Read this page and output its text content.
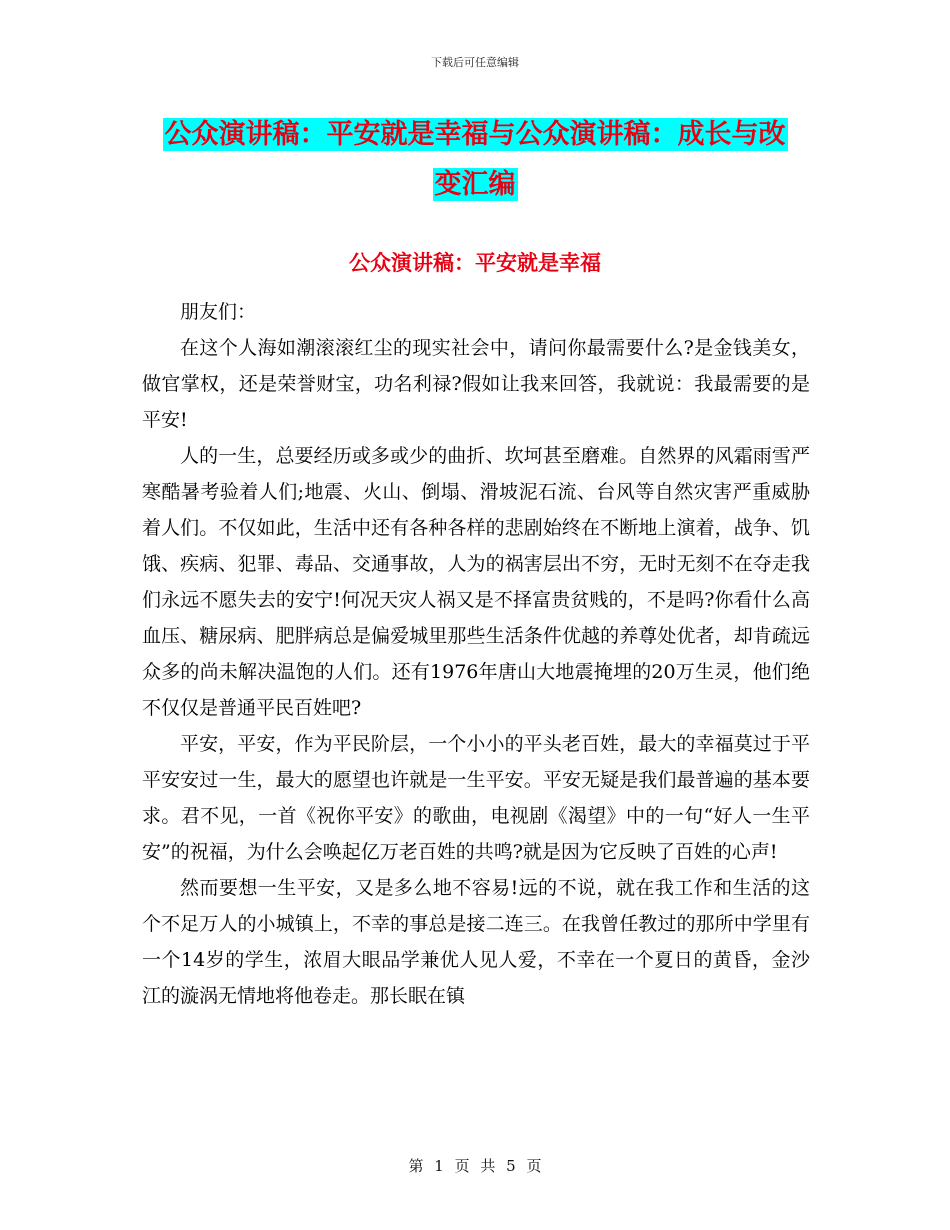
下载后可任意编辑
公众演讲稿：平安就是幸福与公众演讲稿：成长与改
变汇编
公众演讲稿：平安就是幸福

朋友们：

在这个人海如潮滚滚红尘的现实社会中，请问你最需要什么?是金钱美女，做官掌权，还是荣誉财宝，功名利禄?假如让我来回答，我就说：我最需要的是平安!

人的一生，总要经历或多或少的曲折、坎坷甚至磨难。自然界的风霜雨雪严寒酷暑考验着人们;地震、火山、倒塌、滑坡泥石流、台风等自然灾害严重威胁着人们。不仅如此，生活中还有各种各样的悲剧始终在不断地上演着，战争、饥饿、疾病、犯罪、毒品、交通事故，人为的祸害层出不穷，无时无刻不在夺走我们永远不愿失去的安宁!何况天灾人祸又是不择富贵贫贱的，不是吗?你看什么高血压、糖尿病、肥胖病总是偏爱城里那些生活条件优越的养尊处优者，却肯疏远众多的尚未解决温饱的人们。还有1976年唐山大地震掩埋的20万生灵，他们绝不仅仅是普通平民百姓吧?

平安，平安，作为平民阶层，一个小小的平头老百姓，最大的幸福莫过于平平安安过一生，最大的愿望也许就是一生平安。平安无疑是我们最普遍的基本要求。君不见，一首《祝你平安》的歌曲，电视剧《渴望》中的一句“好人一生平安”的祝福，为什么会唤起亿万老百姓的共鸣?就是因为它反映了百姓的心声!

然而要想一生平安，又是多么地不容易!远的不说，就在我工作和生活的这个不足万人的小城镇上，不幸的事总是接二连三。在我曾任教过的那所中学里有一个14岁的学生，浓眉大眼品学兼优人见人爱，不幸在一个夏日的黄昏，金沙江的漩涡无情地将他卷走。那长眠在镇

第 1 页 共 5 页
